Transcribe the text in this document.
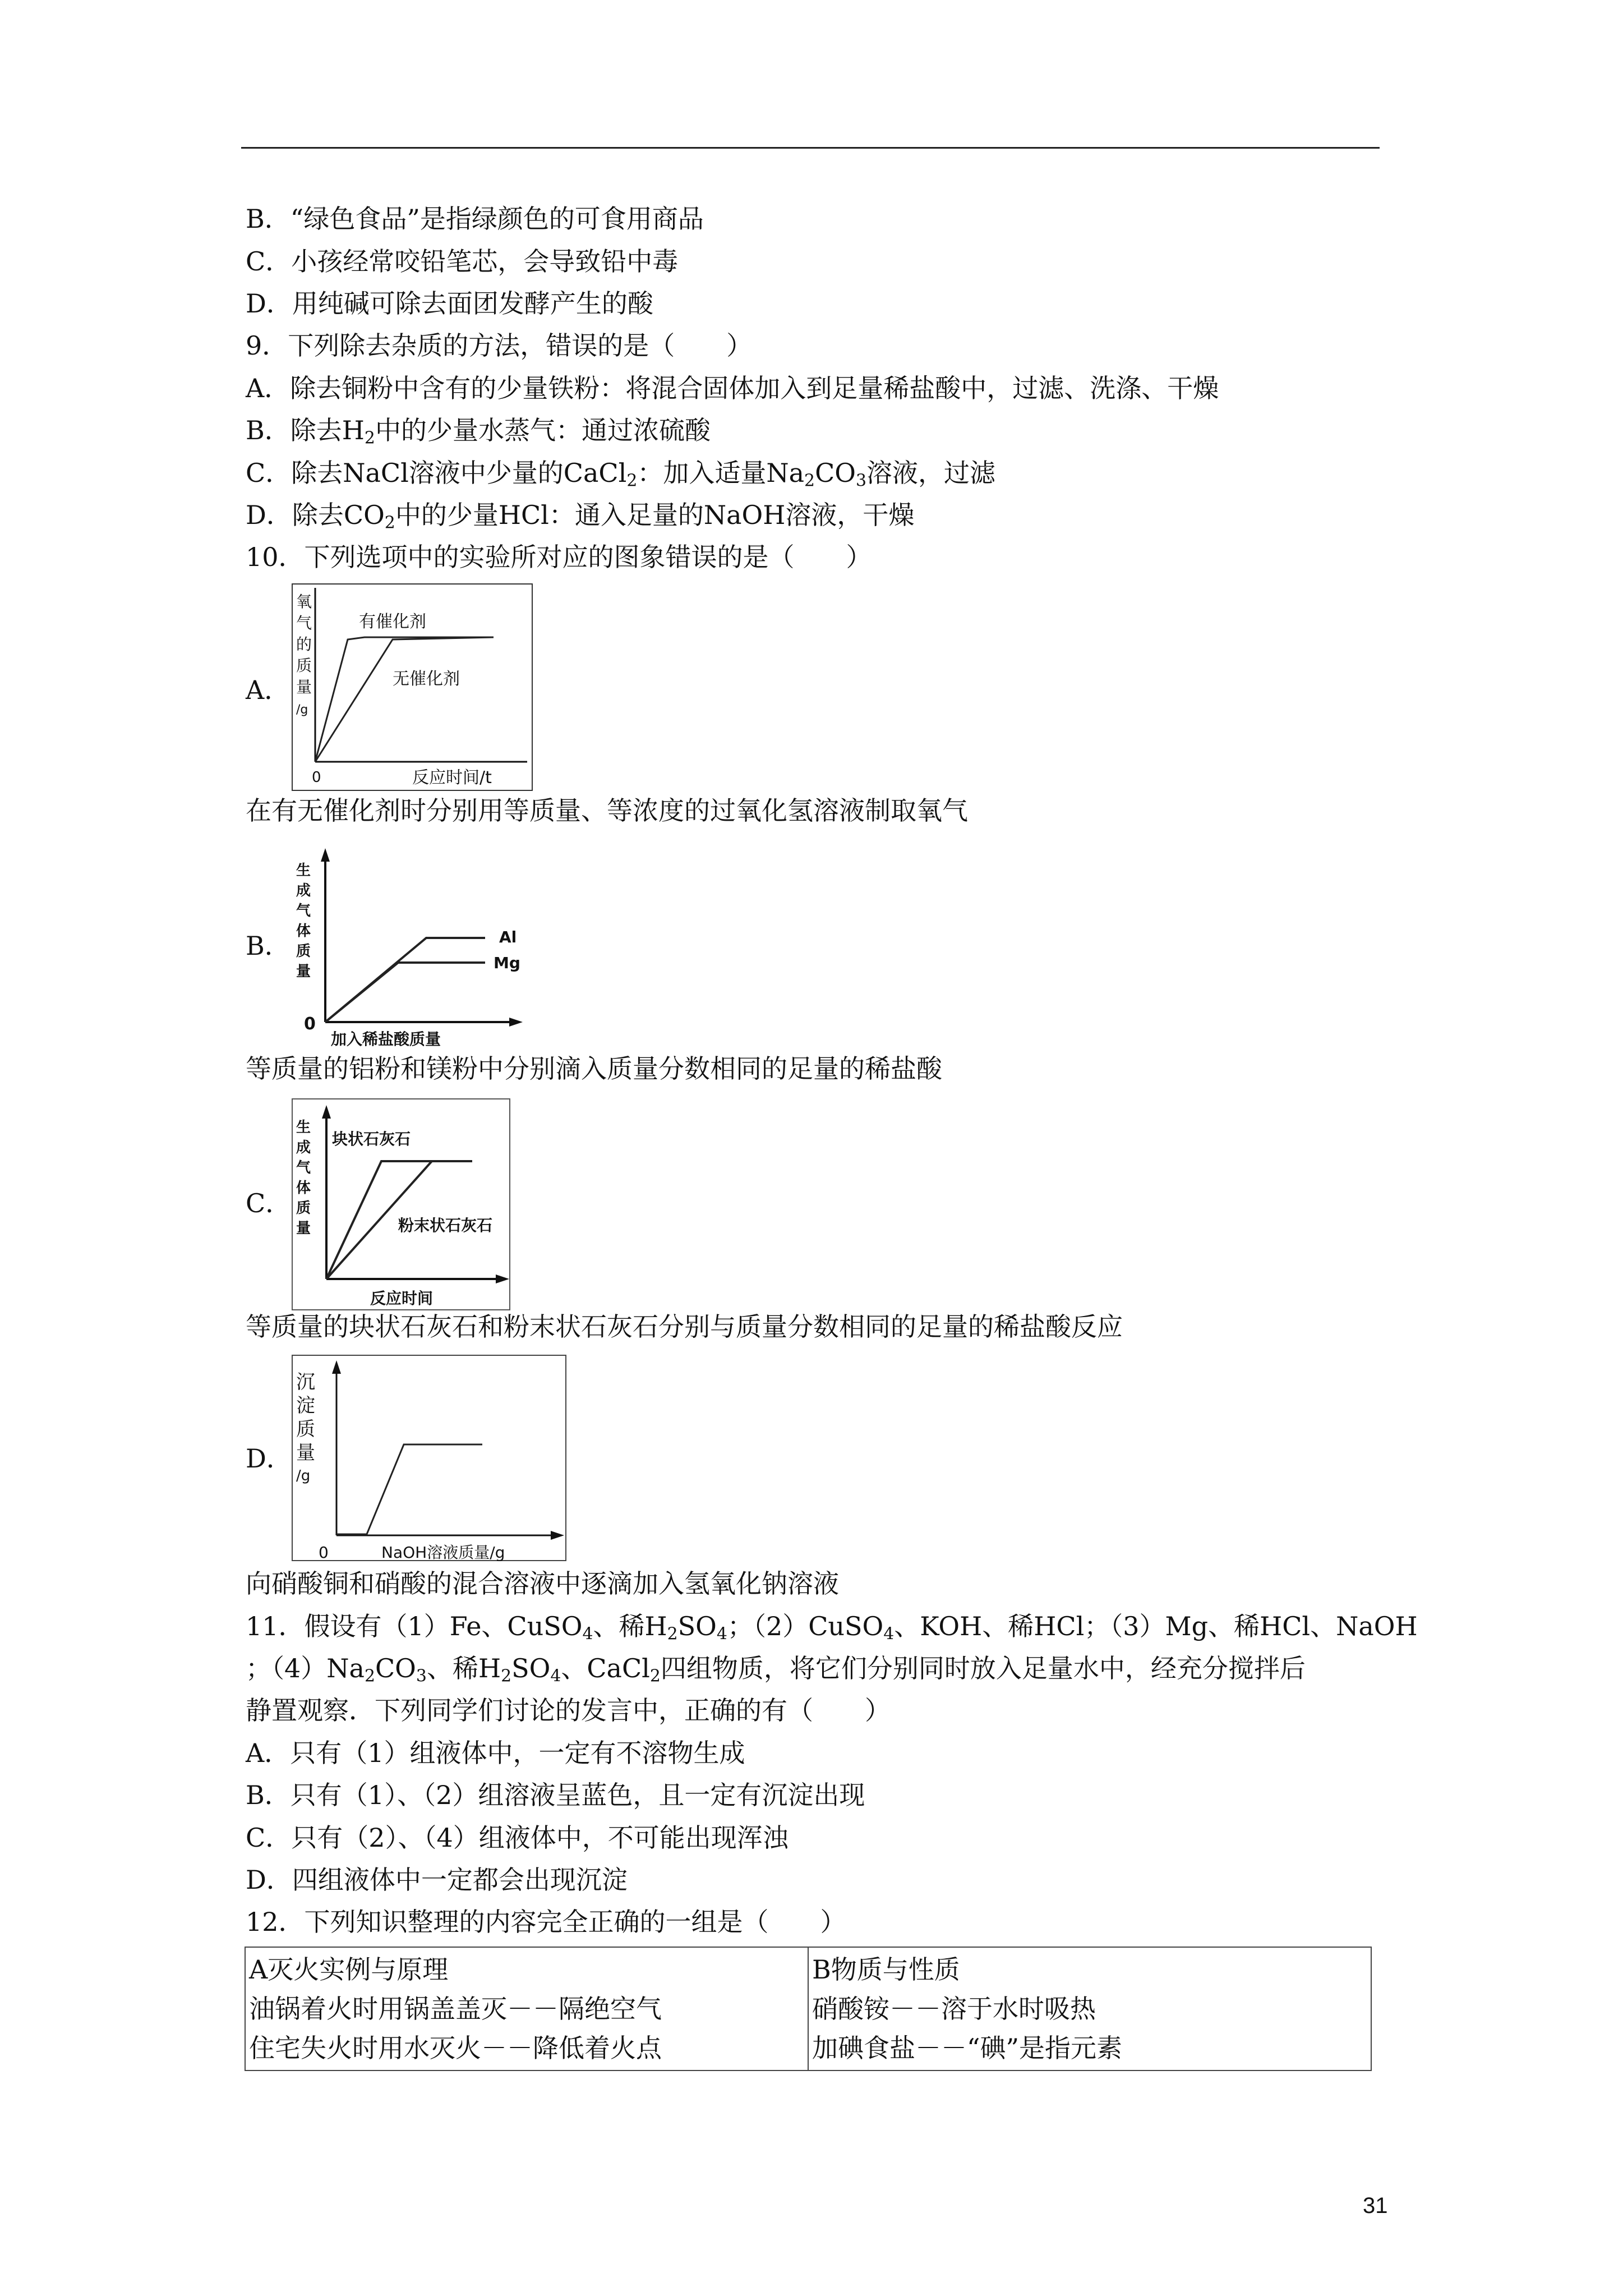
B．“绿色食品”是指绿颜色的可食用商品
C．小孩经常咬铅笔芯，会导致铅中毒
D．用纯碱可除去面团发酵产生的酸
9．下列除去杂质的方法，错误的是（　　）
A．除去铜粉中含有的少量铁粉：将混合固体加入到足量稀盐酸中，过滤、洗涤、干燥
B．除去$H_2$中的少量水蒸气：通过浓硫酸
C．除去NaCl溶液中少量的CaCl$_2$：加入适量$Na_2CO_3$溶液，过滤
D．除去$CO_2$中的少量HCl：通入足量的NaOH溶液，干燥
10．下列选项中的实验所对应的图象错误的是（　　）
A．
氧
气
的
质
量
/g
0	反应时间/t
有催化剂
无催化剂
在有无催化剂时分别用等质量、等浓度的过氧化氢溶液制取氧气
B．
生
成
气
体
质
量
0
加入稀盐酸质量
Al
Mg
等质量的铝粉和镁粉中分别滴入质量分数相同的足量的稀盐酸
C．
生
成
气
体
质
量
反应时间
块状石灰石
粉末状石灰石
等质量的块状石灰石和粉末状石灰石分别与质量分数相同的足量的稀盐酸反应
D．
沉
淀
质
量
/g
0	NaOH溶液质量/g
向硝酸铜和硝酸的混合溶液中逐滴加入氢氧化钠溶液
11．假设有（1）Fe、CuSO$_4$、稀$H_2SO_4$；（2）CuSO$_4$、KOH、稀HCl；（3）Mg、稀HCl、NaOH
；$(4)Na_2CO_3$、稀$H_2SO_4$、CaCl$_2$四组物质，将它们分别同时放入足量水中，经充分搅拌后
静置观察．下列同学们讨论的发言中，正确的有（　　）
A．只有（1）组液体中，一定有不溶物生成
B．只有（1）、（2）组溶液呈蓝色，且一定有沉淀出现
C．只有（2）、（4）组液体中，不可能出现浑浊
D．四组液体中一定都会出现沉淀
12．下列知识整理的内容完全正确的一组是（　　）
A灭火实例与原理
油锅着火时用锅盖盖灭－－隔绝空气
住宅失火时用水灭火－－降低着火点

B物质与性质
硝酸铵－－溶于水时吸热
加碘食盐－－“碘”是指元素
31
